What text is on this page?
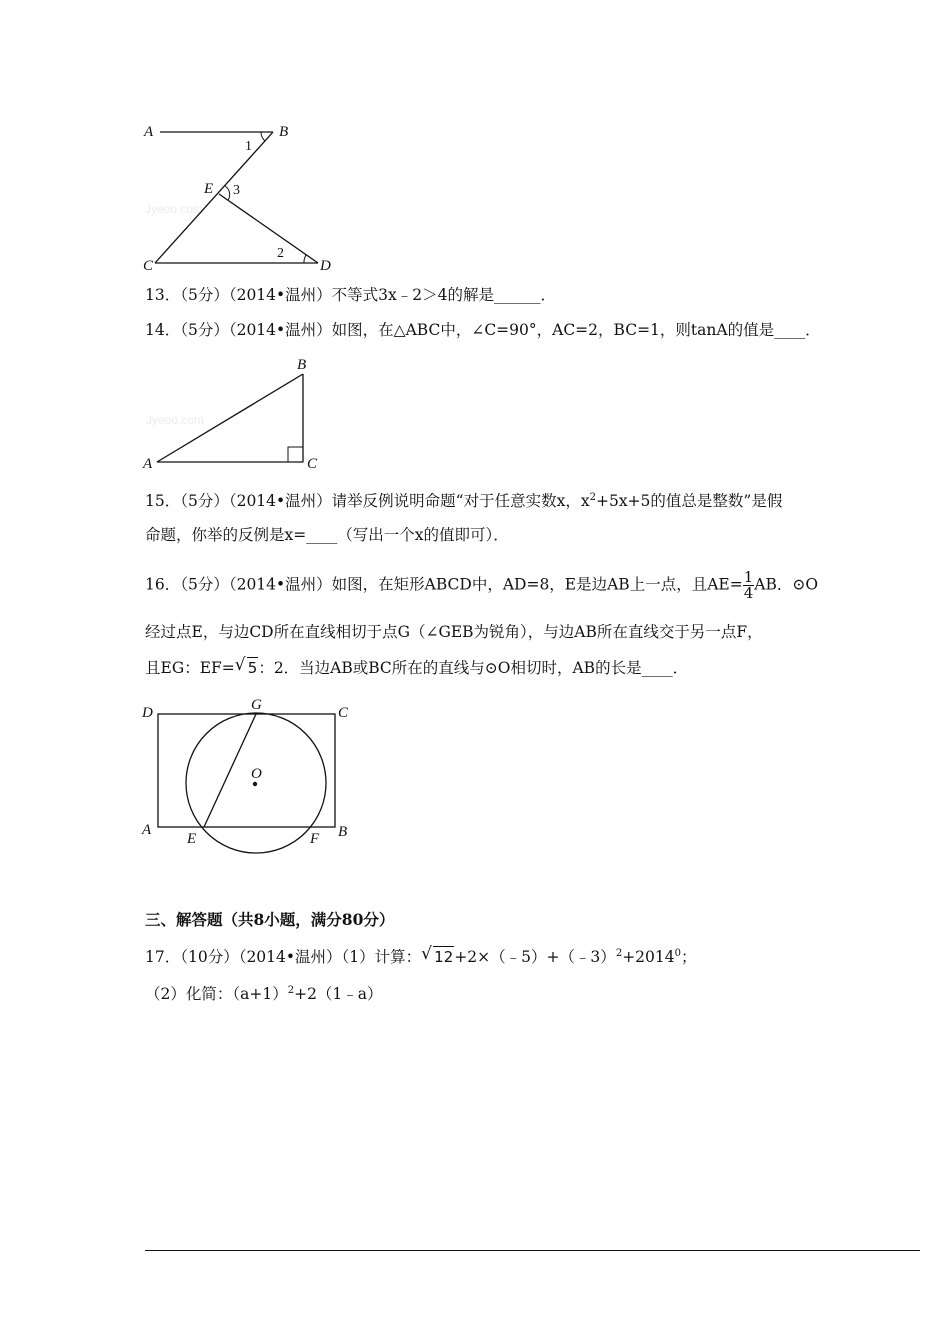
Jyeoo.com
A	B
E
C	D
1
3
2
13．（5分）（2014•温州）不等式3x﹣2＞4的解是______．
14．（5分）（2014•温州）如图，在△ABC中，∠C=90°，AC=2，BC=1，则tanA的值是____．
Jyeoo.com
A
B
C
15．（5分）（2014•温州）请举反例说明命题“对于任意实数x，$x^2+5x+5$的值总是整数”是假
命题，你举的反例是x=____（写出一个x的值即可）．
16．（5分）（2014•温州）如图，在矩形ABCD中，AD=8，E是边AB上一点，且$AE= \frac{1}{4}$ AB．⊙O
经过点E，与边CD所在直线相切于点G（∠GEB为锐角），与边AB所在直线交于另一点F，
且EG：EF= √ 5：2．当边AB或BC所在的直线与⊙O相切时，AB的长是____．
D	G	C
O
A
E	F B
三、解答题（共8小题，满分80分）
17．（10分）（2014•温州）（1）计算： √ $12+2\times(﹣5)+(﹣3)^2+2014^0$；
（2）化简：$(a+1)^2+2(1﹣a)$
